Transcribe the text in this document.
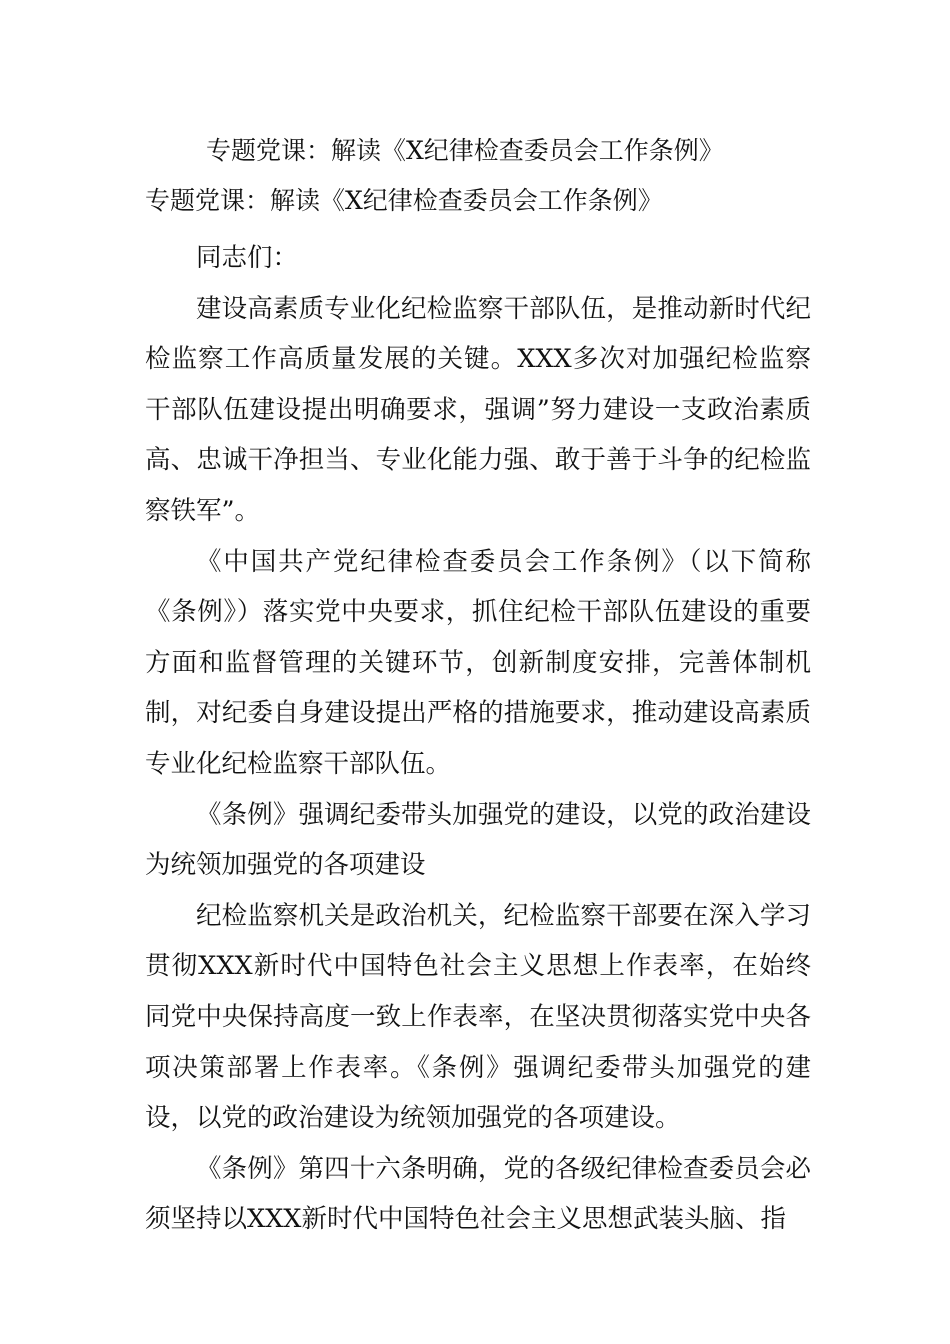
专题党课：解读《X纪律检查委员会工作条例》
专题党课：解读《X纪律检查委员会工作条例》

同志们：

建设高素质专业化纪检监察干部队伍，是推动新时代纪检监察工作高质量发展的关键。XXX多次对加强纪检监察干部队伍建设提出明确要求，强调”努力建设一支政治素质高、忠诚干净担当、专业化能力强、敢于善于斗争的纪检监察铁军”。

《中国共产党纪律检查委员会工作条例》（以下简称《条例》）落实党中央要求，抓住纪检干部队伍建设的重要方面和监督管理的关键环节，创新制度安排，完善体制机制，对纪委自身建设提出严格的措施要求，推动建设高素质专业化纪检监察干部队伍。

《条例》强调纪委带头加强党的建设，以党的政治建设为统领加强党的各项建设

纪检监察机关是政治机关，纪检监察干部要在深入学习贯彻XXX新时代中国特色社会主义思想上作表率，在始终同党中央保持高度一致上作表率，在坚决贯彻落实党中央各项决策部署上作表率。《条例》强调纪委带头加强党的建设，以党的政治建设为统领加强党的各项建设。

《条例》第四十六条明确，党的各级纪律检查委员会必须坚持以XXX新时代中国特色社会主义思想武装头脑、指
